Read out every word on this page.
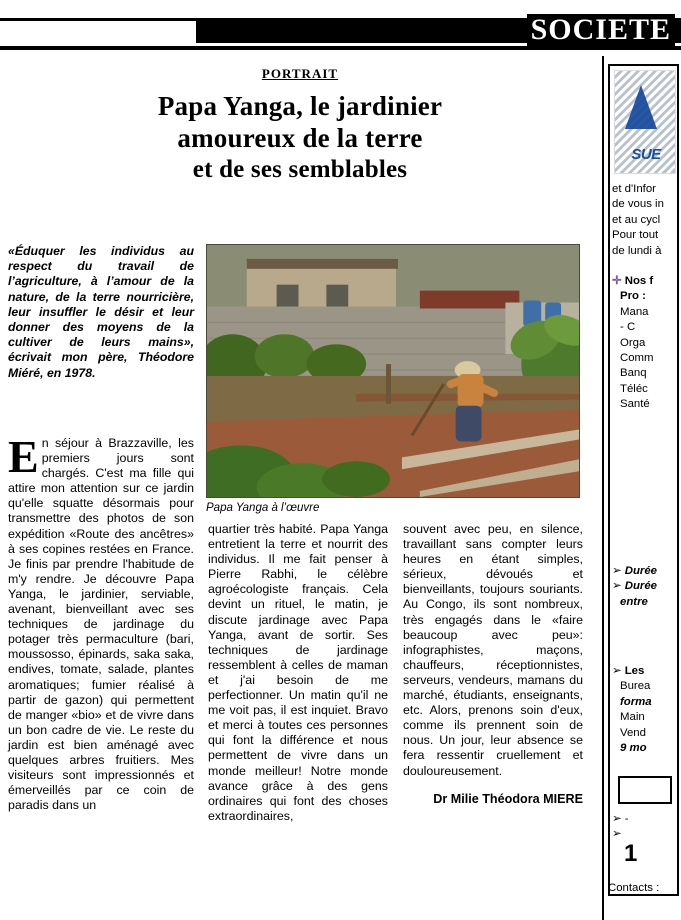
SOCIETE
PORTRAIT
Papa Yanga, le jardinier
amoureux de la terre
et de ses semblables
«Éduquer les individus au respect du travail de l’agriculture, à l’amour de la nature, de la terre nourricière, leur insuffler le désir et leur donner des moyens de la cultiver de leurs mains», écrivait mon père, Théodore Miéré, en 1978.
Papa Yanga à l’œuvre
E n séjour à Brazzaville, les premiers jours sont chargés. C'est ma fille qui attire mon attention sur ce jardin qu'elle squatte désormais pour transmettre des photos de son expédition «Route des ancêtres» à ses copines restées en France. Je finis par prendre l'habitude de m'y rendre. Je découvre Papa Yanga, le jardinier, serviable, avenant, bienveillant avec ses techniques de jardinage du potager très permaculture (bari, moussosso, épinards, saka saka, endives, tomate, salade, plantes aromatiques; fumier réalisé à partir de gazon) qui permettent de manger «bio» et de vivre dans un bon cadre de vie. Le reste du jardin est bien aménagé avec quelques arbres fruitiers. Mes visiteurs sont impressionnés et émerveillés par ce coin de paradis dans un
quartier très habité. Papa Yanga entretient la terre et nourrit des individus. Il me fait penser à Pierre Rabhi, le célèbre agroécologiste français. Cela devint un rituel, le matin, je discute jardinage avec Papa Yanga, avant de sortir. Ses techniques de jardinage ressemblent à celles de maman et j'ai besoin de me perfectionner. Un matin qu'il ne me voit pas, il est inquiet. Bravo et merci à toutes ces personnes qui font la différence et nous permettent de vivre dans un monde meilleur! Notre monde avance grâce à des gens ordinaires qui font des choses extraordinaires,
souvent avec peu, en silence, travaillant sans compter leurs heures en étant simples, sérieux, dévoués et bienveillants, toujours souriants. Au Congo, ils sont nombreux, très engagés dans le «faire beaucoup avec peu»: infographistes, maçons, chauffeurs, réceptionnistes, serveurs, vendeurs, mamans du marché, étudiants, enseignants, etc. Alors, prenons soin d'eux, comme ils prennent soin de nous. Un jour, leur absence se fera ressentir cruellement et douloureusement.
Dr Milie Théodora MIERE
SUE
et d'Infor
de vous in
et au cycl
Pour tout
de lundi à
✛ Nos f
Pro :
Mana
- C
Orga
Comm
Banq
Téléc
Santé
➢ Durée
➢ Durée
entre
➢ Les
Burea
forma
Main
Vend
9 mo
➢ -
➢
1
Contacts :
